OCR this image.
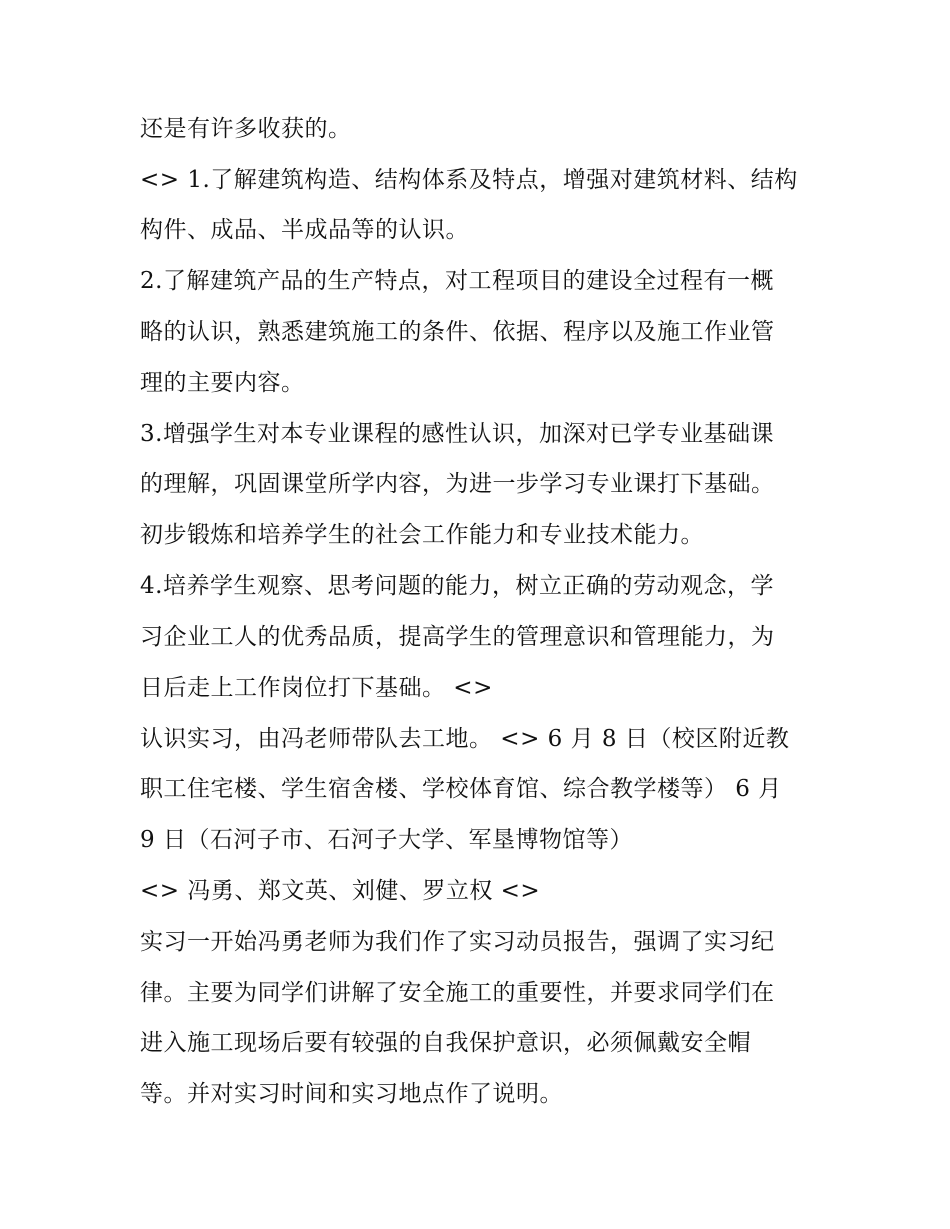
还是有许多收获的。
<> 1.了解建筑构造、结构体系及特点，增强对建筑材料、结构
构件、成品、半成品等的认识。
2.了解建筑产品的生产特点，对工程项目的建设全过程有一概
略的认识，熟悉建筑施工的条件、依据、程序以及施工作业管
理的主要内容。
3.增强学生对本专业课程的感性认识，加深对已学专业基础课
的理解，巩固课堂所学内容，为进一步学习专业课打下基础。
初步锻炼和培养学生的社会工作能力和专业技术能力。
4.培养学生观察、思考问题的能力，树立正确的劳动观念，学
习企业工人的优秀品质，提高学生的管理意识和管理能力，为
日后走上工作岗位打下基础。 <>
认识实习，由冯老师带队去工地。 <> 6 月 8 日（校区附近教
职工住宅楼、学生宿舍楼、学校体育馆、综合教学楼等） 6 月
9 日（石河子市、石河子大学、军垦博物馆等）
<> 冯勇、郑文英、刘健、罗立权 <>
实习一开始冯勇老师为我们作了实习动员报告，强调了实习纪
律。主要为同学们讲解了安全施工的重要性，并要求同学们在
进入施工现场后要有较强的自我保护意识，必须佩戴安全帽
等。并对实习时间和实习地点作了说明。
